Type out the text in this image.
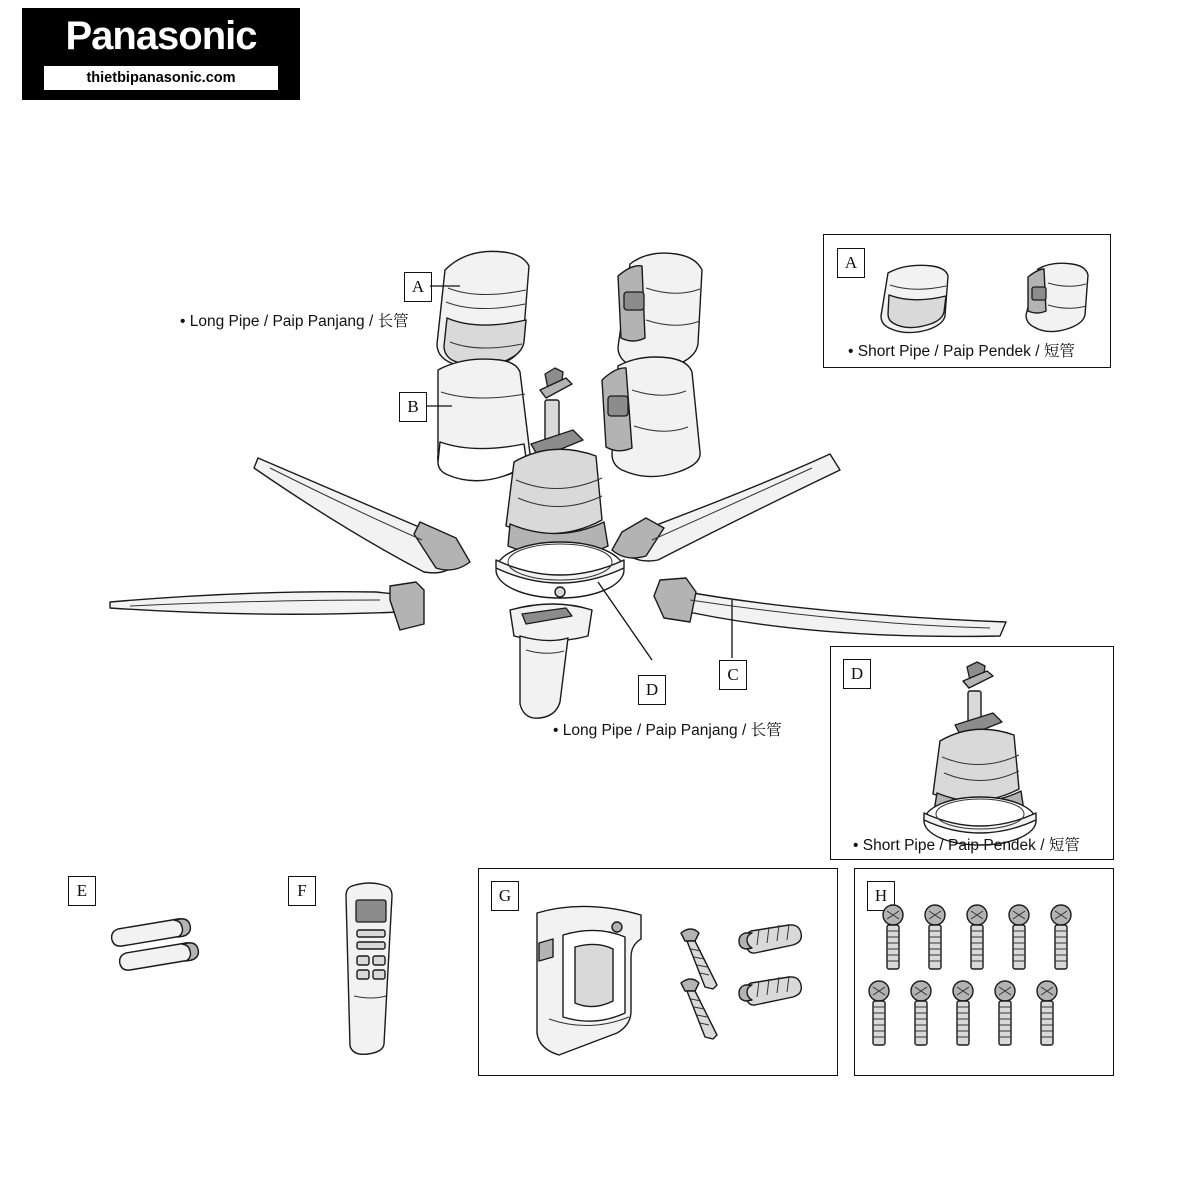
Panasonic
thietbipanasonic.com
A
B
C
D
• Long Pipe / Paip Panjang / 长管
• Long Pipe / Paip Panjang / 长管
A
• Short Pipe / Paip Pendek / 短管
D
• Short Pipe / Paip Pendek / 短管
E	F	G	H
